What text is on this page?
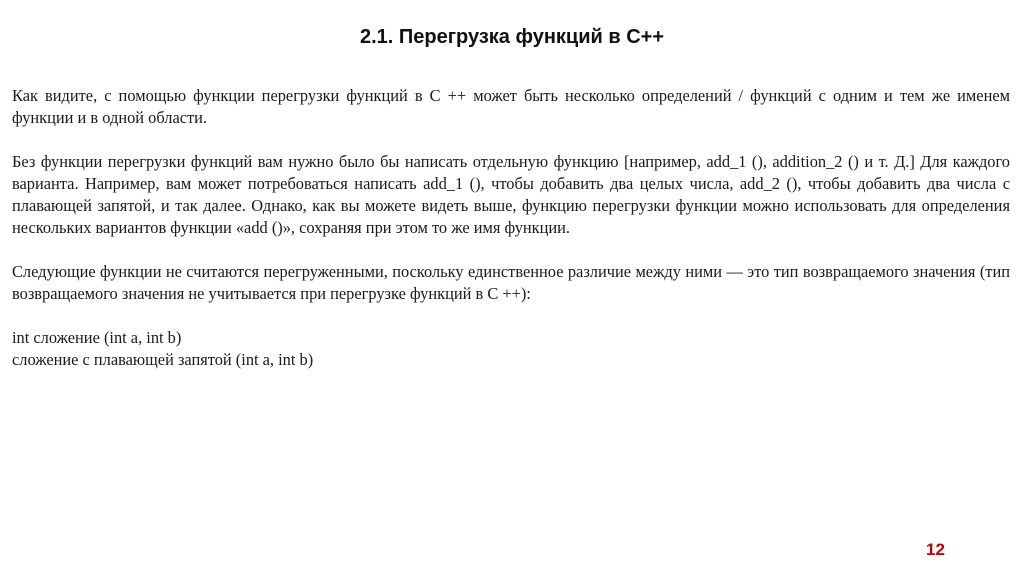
2.1. Перегрузка функций в С++

Как видите, с помощью функции перегрузки функций в C ++ может быть несколько определений / функций с одним и тем же именем функции и в одной области.

Без функции перегрузки функций вам нужно было бы написать отдельную функцию [например, add_1 (), addition_2 () и т. Д.] Для каждого варианта. Например, вам может потребоваться написать add_1 (), чтобы добавить два целых числа, add_2 (), чтобы добавить два числа с плавающей запятой, и так далее. Однако, как вы можете видеть выше, функцию перегрузки функции можно использовать для определения нескольких вариантов функции «add ()», сохраняя при этом то же имя функции.

Следующие функции не считаются перегруженными, поскольку единственное различие между ними — это тип возвращаемого значения (тип возвращаемого значения не учитывается при перегрузке функций в C ++):

int сложение (int a, int b)

сложение с плавающей запятой (int a, int b)

12
